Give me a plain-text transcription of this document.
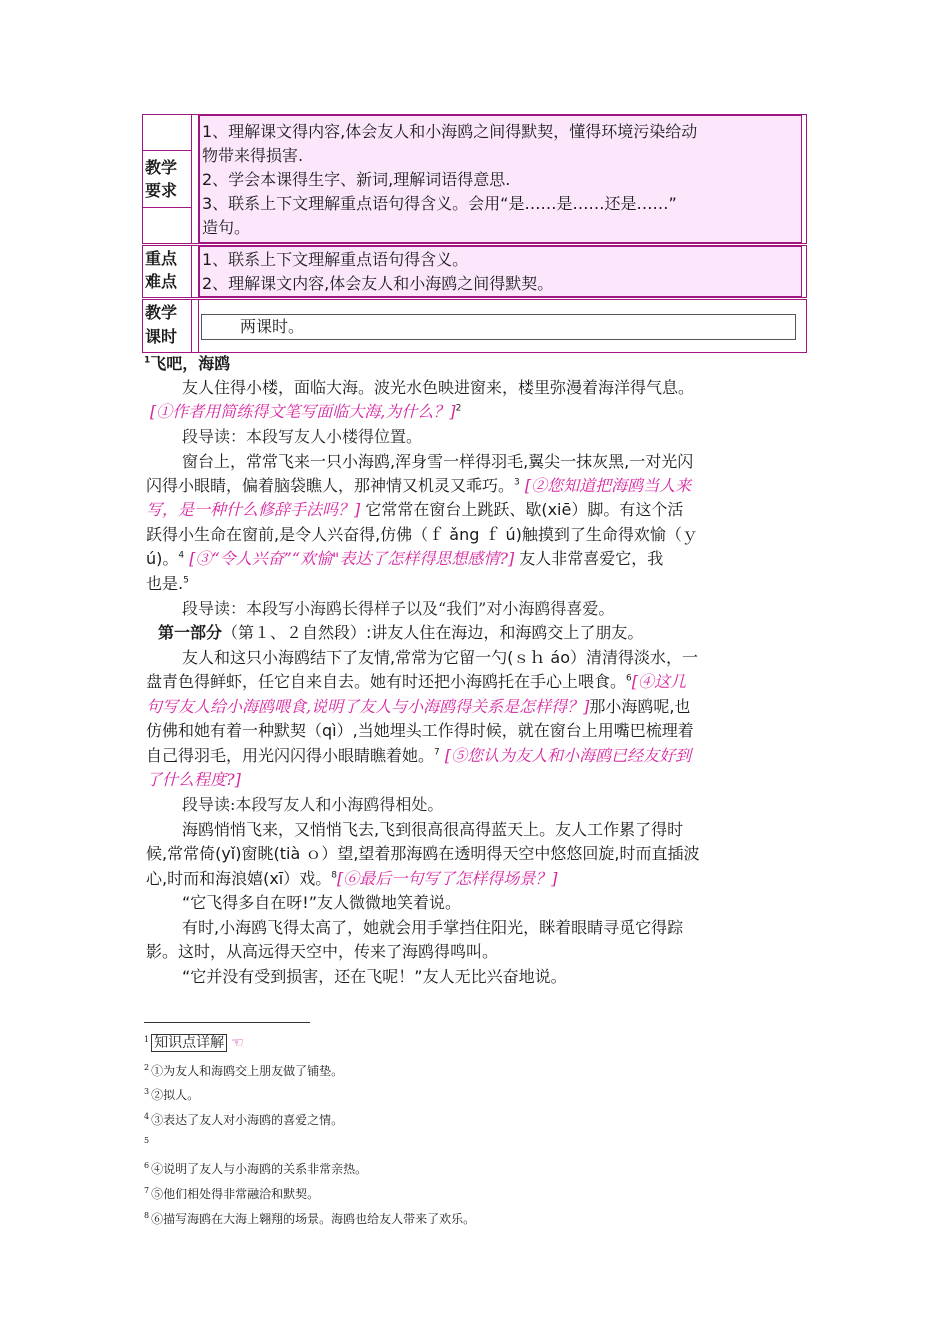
教学
要求
1、理解课文得内容,体会友人和小海鸥之间得默契，懂得环境污染给动
物带来得损害.
2、学会本课得生字、新词,理解词语得意思.
3、联系上下文理解重点语句得含义。会用“是……是……还是……”
造句。
重点
难点
1、联系上下文理解重点语句得含义。
2、理解课文内容,体会友人和小海鸥之间得默契。
教学
课时
两课时。
$^1$飞吧，海鸥
友人住得小楼，面临大海。波光水色映进窗来，楼里弥漫着海洋得气息。
[①作者用简练得文笔写面临大海,为什么？]$^2$
段导读：本段写友人小楼得位置。
窗台上，常常飞来一只小海鸥,浑身雪一样得羽毛,翼尖一抹灰黑,一对光闪
闪得小眼睛，偏着脑袋瞧人，那神情又机灵又乖巧。$^3$ [②您知道把海鸥当人来
写，是一种什么修辞手法吗？] 它常常在窗台上跳跃、歇(xiē）脚。有这个活
跃得小生命在窗前,是令人兴奋得,仿佛（ｆ ǎng ｆ ú)触摸到了生命得欢愉（ｙ
ú)。$^4$ [③“令人兴奋”“欢愉"表达了怎样得思想感情?] 友人非常喜爱它，我
也是.$^5$
段导读：本段写小海鸥长得样子以及“我们”对小海鸥得喜爱。
第一部分（第１、２自然段）:讲友人住在海边，和海鸥交上了朋友。
友人和这只小海鸥结下了友情,常常为它留一勺(ｓｈ áo）清清得淡水，一
盘青色得鲜虾，任它自来自去。她有时还把小海鸥托在手心上喂食。$^6$[④这几
句写友人给小海鸥喂食,说明了友人与小海鸥得关系是怎样得？]那小海鸥呢,也
仿佛和她有着一种默契（qì）,当她埋头工作得时候，就在窗台上用嘴巴梳理着
自己得羽毛，用光闪闪得小眼睛瞧着她。$^7$ [⑤您认为友人和小海鸥已经友好到
了什么程度?]
段导读:本段写友人和小海鸥得相处。
海鸥悄悄飞来，又悄悄飞去,飞到很高很高得蓝天上。友人工作累了得时
候,常常倚(yǐ)窗眺(tià ｏ）望,望着那海鸥在透明得天空中悠悠回旋,时而直插波
心,时而和海浪嬉(xī）戏。$^8$[⑥最后一句写了怎样得场景？]
“它飞得多自在呀!”友人微微地笑着说。
有时,小海鸥飞得太高了，她就会用手掌挡住阳光，眯着眼睛寻觅它得踪
影。这时，从高远得天空中，传来了海鸥得鸣叫。
“它并没有受到损害，还在飞呢！”友人无比兴奋地说。
$^1$ 知识点详解 ☜
$^2$ ①为友人和海鸥交上朋友做了铺垫。
$^3$ ②拟人。
$^4$ ③表达了友人对小海鸥的喜爱之情。
$^5$
$^6$ ④说明了友人与小海鸥的关系非常亲热。
$^7$ ⑤他们相处得非常融洽和默契。
$^8$ ⑥描写海鸥在大海上翱翔的场景。海鸥也给友人带来了欢乐。
